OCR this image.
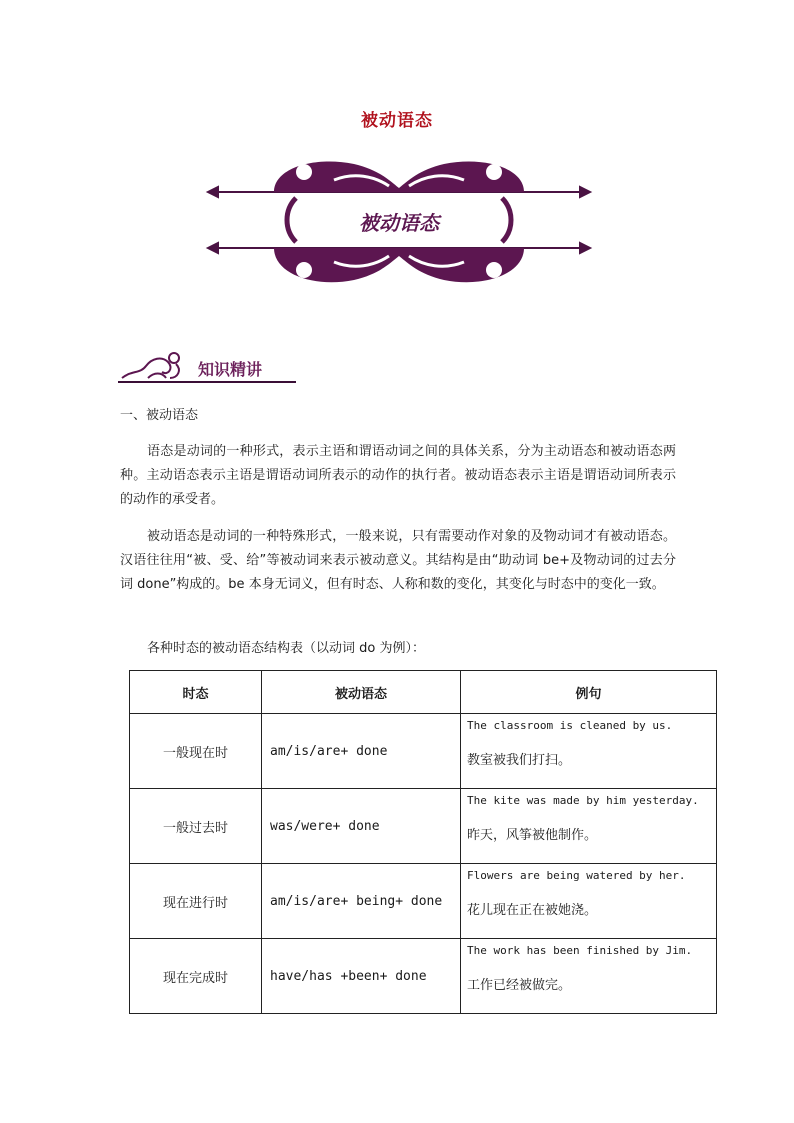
被动语态
被动语态
知识精讲
一、被动语态
语态是动词的一种形式，表示主语和谓语动词之间的具体关系，分为主动语态和被动语态两种。主动语态表示主语是谓语动词所表示的动作的执行者。被动语态表示主语是谓语动词所表示的动作的承受者。
被动语态是动词的一种特殊形式，一般来说，只有需要动作对象的及物动词才有被动语态。汉语往往用“被、受、给”等被动词来表示被动意义。其结构是由“助动词 be+及物动词的过去分词 done”构成的。be 本身无词义，但有时态、人称和数的变化，其变化与时态中的变化一致。
各种时态的被动语态结构表（以动词 do 为例）：
时态	被动语态	例句
一般现在时	am/is/are+ done	The classroom is cleaned by us.
教室被我们打扫。

一般过去时	was/were+ done	The kite was made by him yesterday.
昨天，风筝被他制作。

现在进行时	am/is/are+ being+ done	Flowers are being watered by her.
花儿现在正在被她浇。

现在完成时	have/has +been+ done	The work has been finished by Jim.
工作已经被做完。
